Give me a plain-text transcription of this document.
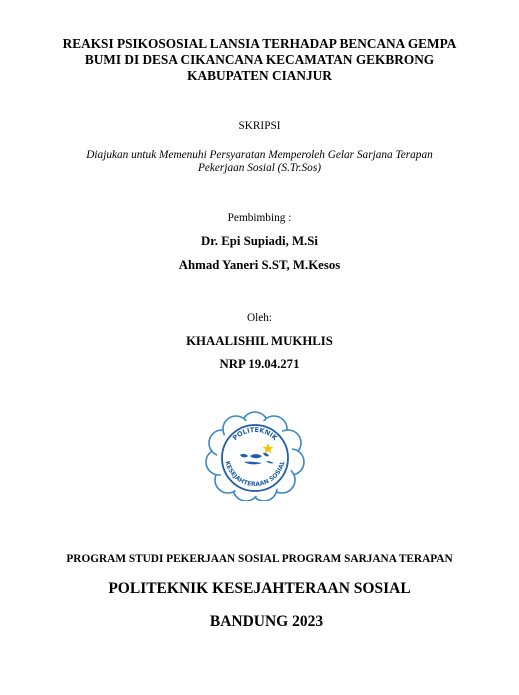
REAKSI PSIKOSOSIAL LANSIA TERHADAP BENCANA GEMPA
BUMI DI DESA CIKANCANA KECAMATAN GEKBRONG
KABUPATEN CIANJUR
SKRIPSI
Diajukan untuk Memenuhi Persyaratan Memperoleh Gelar Sarjana Terapan
Pekerjaan Sosial (S.Tr.Sos)
Pembimbing :
Dr. Epi Supiadi, M.Si
Ahmad Yaneri S.ST, M.Kesos
Oleh:
KHAALISHIL MUKHLIS
NRP 19.04.271
POLITEKNIK
KESEJAHTERAAN SOSIAL
PROGRAM STUDI PEKERJAAN SOSIAL PROGRAM SARJANA TERAPAN
POLITEKNIK KESEJAHTERAAN SOSIAL
BANDUNG 2023
